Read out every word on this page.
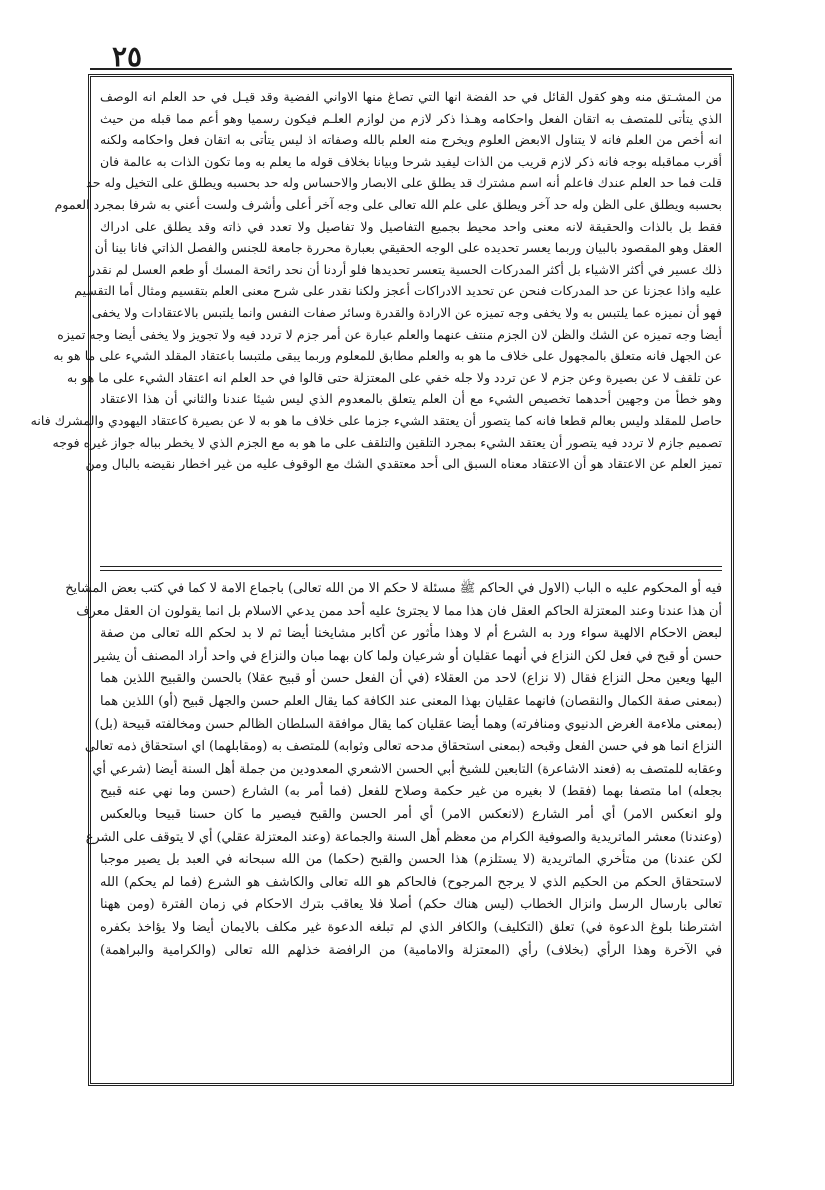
٢٥
من المشـتق منه وهو كقول القائل في حد الفضة انها التي تصاغ منها الاواني الفضية وقد قيـل في حد العلم انه الوصف
الذي يتأتى للمتصف به اتقان الفعل واحكامه وهـذا ذكر لازم من لوازم العلـم فيكون رسميا وهو أعم مما قبله من حيث
انه أخص من العلم فانه لا يتناول الابعض العلوم ويخرج منه العلم بالله وصفاته اذ ليس يتأتى به اتقان فعل واحكامه ولكنه
أقرب مماقبله بوجه فانه ذكر لازم قريب من الذات ليفيد شرحا وبيانا بخلاف قوله ما يعلم به وما تكون الذات به عالمة فان
قلت فما حد العلم عندك فاعلم أنه اسم مشترك قد يطلق على الابصار والاحساس وله حد بحسبه ويطلق على التخيل وله حد
بحسبه ويطلق على الظن وله حد آخر ويطلق على علم الله تعالى على وجه آخر أعلى وأشرف ولست أعني به شرفا بمجرد العموم
فقط بل بالذات والحقيقة لانه معنى واحد محيط بجميع التفاصيل ولا تفاصيل ولا تعدد في ذاته وقد يطلق على ادراك
العقل وهو المقصود بالبيان وربما يعسر تحديده على الوجه الحقيقي بعبارة محررة جامعة للجنس والفصل الذاتي فانا بينا أن
ذلك عسير في أكثر الاشياء بل أكثر المدركات الحسية يتعسر تحديدها فلو أردنا أن نحد رائحة المسك أو طعم العسل لم نقدر
عليه واذا عجزنا عن حد المدركات فنحن عن تحديد الادراكات أعجز ولكنا نقدر على شرح معنى العلم بتقسيم ومثال أما التقسيم
فهو أن نميزه عما يلتبس به ولا يخفى وجه تميزه عن الارادة والقدرة وسائر صفات النفس وانما يلتبس بالاعتقادات ولا يخفى
أيضا وجه تميزه عن الشك والظن لان الجزم منتف عنهما والعلم عبارة عن أمر جزم لا تردد فيه ولا تجويز ولا يخفى أيضا وجه تميزه
عن الجهل فانه متعلق بالمجهول على خلاف ما هو به والعلم مطابق للمعلوم وربما يبقى ملتبسا باعتقاد المقلد الشيء على ما هو به
عن تلقف لا عن بصيرة وعن جزم لا عن تردد ولا جله خفي على المعتزلة حتى قالوا في حد العلم انه اعتقاد الشيء على ما هو به
وهو خطأ من وجهين أحدهما تخصيص الشيء مع أن العلم يتعلق بالمعدوم الذي ليس شيئا عندنا والثاني أن هذا الاعتقاد
حاصل للمقلد وليس بعالم قطعا فانه كما يتصور أن يعتقد الشيء جزما على خلاف ما هو به لا عن بصيرة كاعتقاد اليهودي والمشرك فانه
تصميم جازم لا تردد فيه يتصور أن يعتقد الشيء بمجرد التلقين والتلقف على ما هو به مع الجزم الذي لا يخطر بباله جواز غيره فوجه
تميز العلم عن الاعتقاد هو أن الاعتقاد معناه السبق الى أحد معتقدي الشك مع الوقوف عليه من غير اخطار نقيضه بالبال ومن
فيه أو المحكوم عليه ه الباب (الاول في الحاكم ﷺ مسئلة لا حكم الا من الله تعالى) باجماع الامة لا كما في كتب بعض المشايخ
أن هذا عندنا وعند المعتزلة الحاكم العقل فان هذا مما لا يجترئ عليه أحد ممن يدعي الاسلام بل انما يقولون ان العقل معرف
لبعض الاحكام الالهية سواء ورد به الشرع أم لا وهذا مأثور عن أكابر مشايخنا أيضا ثم لا بد لحكم الله تعالى من صفة
حسن أو قبح في فعل لكن النزاع في أنهما عقليان أو شرعيان ولما كان بهما مبان والنزاع في واحد أراد المصنف أن يشير
اليها ويعين محل النزاع فقال (لا نزاع) لاحد من العقلاء (في أن الفعل حسن أو قبيح عقلا) بالحسن والقبيح اللذين هما
(بمعنى صفة الكمال والنقصان) فانهما عقليان بهذا المعنى عند الكافة كما يقال العلم حسن والجهل قبيح (أو) اللذين هما
(بمعنى ملاءمة الغرض الدنيوي ومنافرته) وهما أيضا عقليان كما يقال موافقة السلطان الظالم حسن ومخالفته قبيحة (بل)
النزاع انما هو في حسن الفعل وقبحه (بمعنى استحقاق مدحه تعالى وثوابه) للمتصف به (ومقابلهما) اي استحقاق ذمه تعالى
وعقابه للمتصف به (فعند الاشاعرة) التابعين للشيخ أبي الحسن الاشعري المعدودين من جملة أهل السنة أيضا (شرعي أي
بجعله) اما متصفا بهما (فقط) لا بغيره من غير حكمة وصلاح للفعل (فما أمر به) الشارع (حسن وما نهي عنه قبيح
ولو انعكس الامر) أي أمر الشارع (لانعكس الامر) أي أمر الحسن والقبح فيصير ما كان حسنا قبيحا وبالعكس
(وعندنا) معشر الماتريدية والصوفية الكرام من معظم أهل السنة والجماعة (وعند المعتزلة عقلي) أي لا يتوقف على الشرع
لكن عندنا) من متأخري الماتريدية (لا يستلزم) هذا الحسن والقبح (حكما) من الله سبحانه في العبد بل يصير موجبا
لاستحقاق الحكم من الحكيم الذي لا يرجح المرجوح) فالحاكم هو الله تعالى والكاشف هو الشرع (فما لم يحكم) الله
تعالى بارسال الرسل وانزال الخطاب (ليس هناك حكم) أصلا فلا يعاقب بترك الاحكام في زمان الفترة (ومن ههنا
اشترطنا بلوغ الدعوة في) تعلق (التكليف) والكافر الذي لم تبلغه الدعوة غير مكلف بالايمان أيضا ولا يؤاخذ بكفره
في الآخرة وهذا الرأي (بخلاف) رأي (المعتزلة والامامية) من الرافضة خذلهم الله تعالى (والكرامية والبراهمة)
